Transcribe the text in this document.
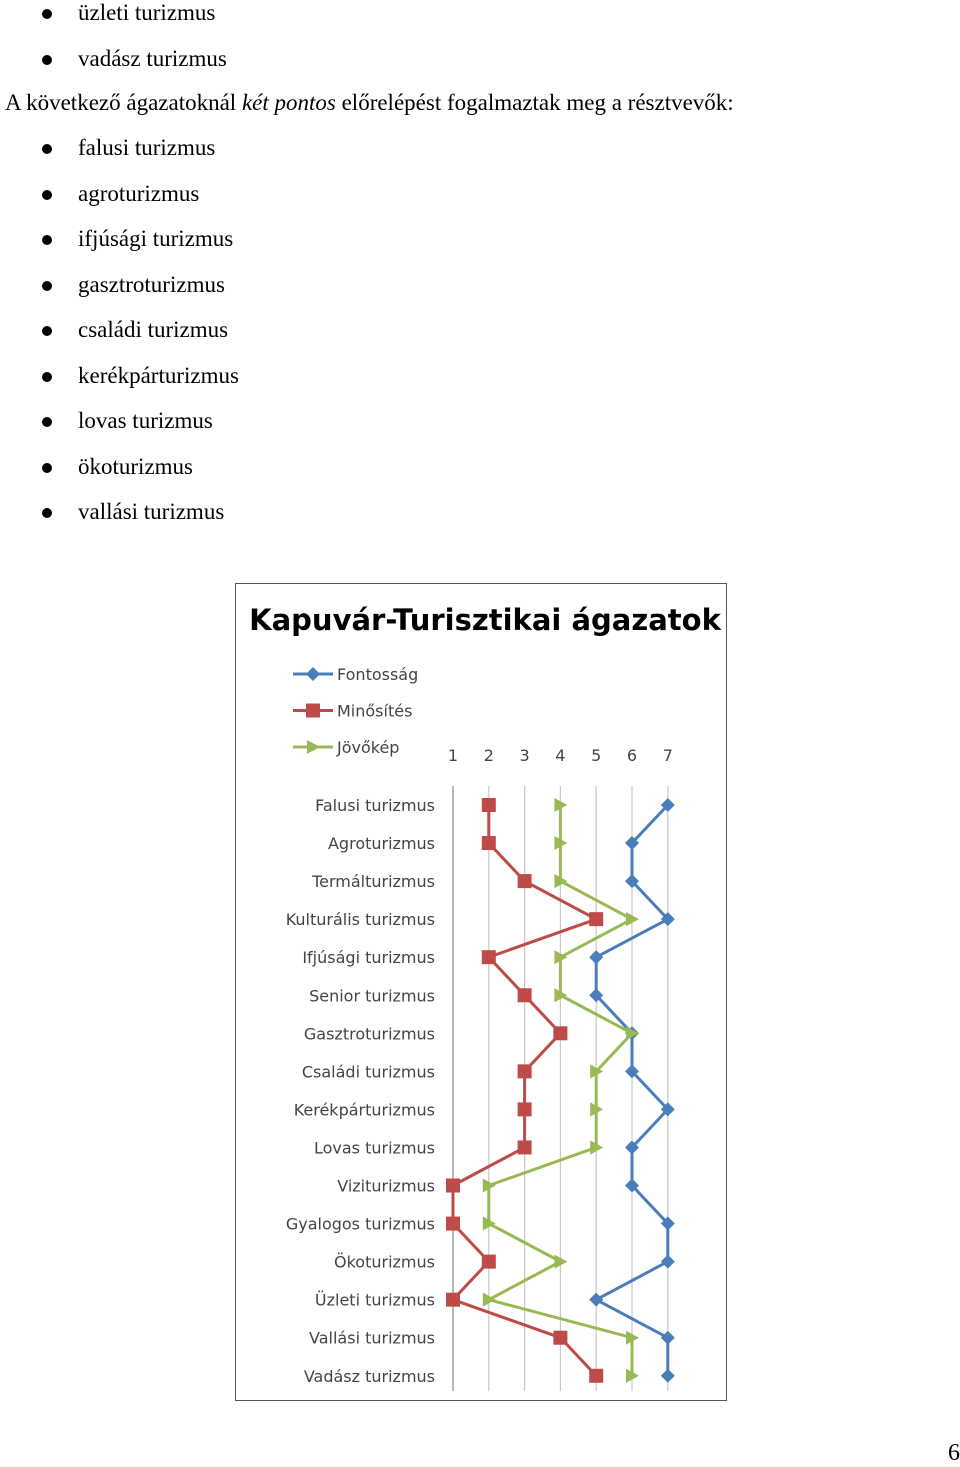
üzleti turizmus
vadász turizmus
A következő ágazatoknál két pontos előrelépést fogalmaztak meg a résztvevők:
falusi turizmus
agroturizmus
ifjúsági turizmus
gasztroturizmus
családi turizmus
kerékpárturizmus
lovas turizmus
ökoturizmus
vallási turizmus
Kapuvár-Turisztikai ágazatok
Fontosság
Minősítés
Jövőkép	1 2 3 4 5 6 7
Falusi turizmus
Agroturizmus
Termálturizmus
Kulturális turizmus
Ifjúsági turizmus
Senior turizmus
Gasztroturizmus
Családi turizmus
Kerékpárturizmus
Lovas turizmus
Viziturizmus
Gyalogos turizmus
Ökoturizmus
Üzleti turizmus
Vallási turizmus
Vadász turizmus
6
